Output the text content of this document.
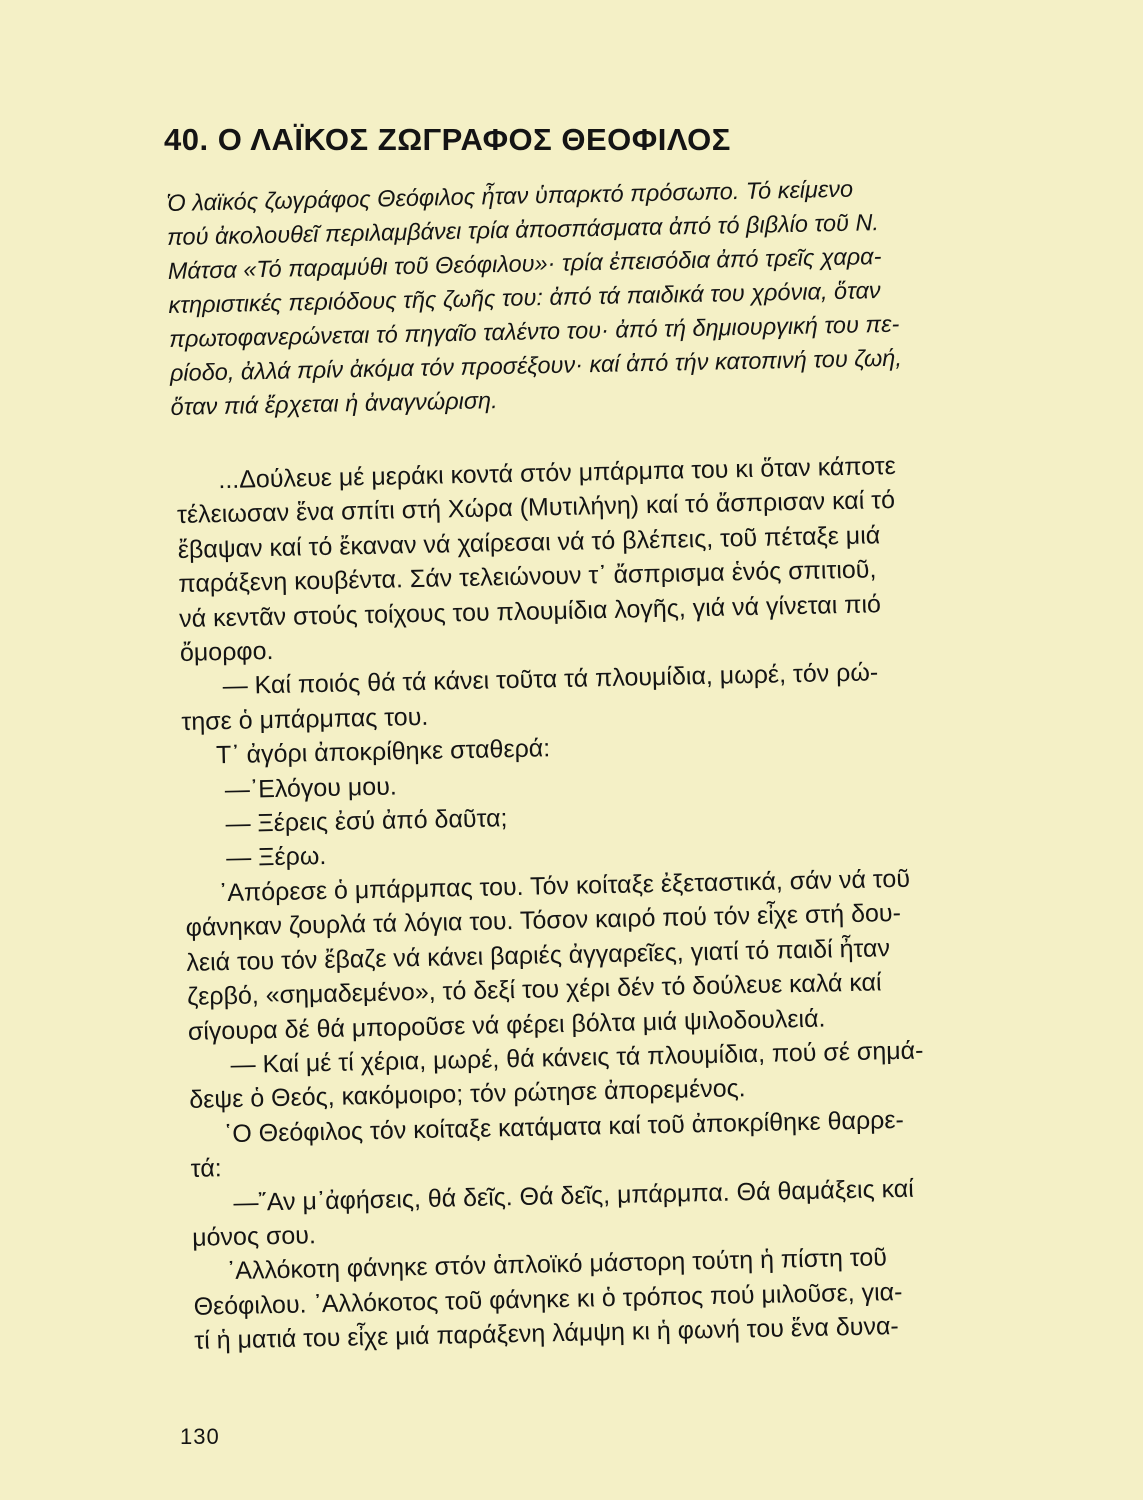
40. Ο ΛΑΪΚΟΣ ΖΩΓΡΑΦΟΣ ΘΕΟΦΙΛΟΣ
Ὁ λαϊκός ζωγράφος Θεόφιλος ἦταν ὑπαρκτό πρόσωπο. Τό κείμενο
πού ἀκολουθεῖ περιλαμβάνει τρία ἀποσπάσματα ἀπό τό βιβλίο τοῦ Ν.
Μάτσα «Τό παραμύθι τοῦ Θεόφιλου»· τρία ἐπεισόδια ἀπό τρεῖς χαρα-
κτηριστικές περιόδους τῆς ζωῆς του: ἀπό τά παιδικά του χρόνια, ὅταν
πρωτοφανερώνεται τό πηγαῖο ταλέντο του· ἀπό τή δημιουργική του πε-
ρίοδο, ἀλλά πρίν ἀκόμα τόν προσέξουν· καί ἀπό τήν κατοπινή του ζωή,
ὅταν πιά ἔρχεται ἡ ἀναγνώριση.
...Δούλευε μέ μεράκι κοντά στόν μπάρμπα του κι ὅταν κάποτε
τέλειωσαν ἕνα σπίτι στή Χώρα (Μυτιλήνη) καί τό ἄσπρισαν καί τό
ἔβαψαν καί τό ἔκαναν νά χαίρεσαι νά τό βλέπεις, τοῦ πέταξε μιά
παράξενη κουβέντα. Σάν τελειώνουν τ᾽ ἄσπρισμα ἑνός σπιτιοῦ,
νά κεντᾶν στούς τοίχους του πλουμίδια λογῆς, γιά νά γίνεται πιό
ὄμορφο.
— Καί ποιός θά τά κάνει τοῦτα τά πλουμίδια, μωρέ, τόν ρώ-
τησε ὁ μπάρμπας του.
Τ᾽ ἀγόρι ἀποκρίθηκε σταθερά:
—᾽Ελόγου μου.
— Ξέρεις ἐσύ ἀπό δαῦτα;
— Ξέρω.
᾽Απόρεσε ὁ μπάρμπας του. Τόν κοίταξε ἐξεταστικά, σάν νά τοῦ
φάνηκαν ζουρλά τά λόγια του. Τόσον καιρό πού τόν εἶχε στή δου-
λειά του τόν ἔβαζε νά κάνει βαριές ἀγγαρεῖες, γιατί τό παιδί ἦταν
ζερβό, «σημαδεμένο», τό δεξί του χέρι δέν τό δούλευε καλά καί
σίγουρα δέ θά μποροῦσε νά φέρει βόλτα μιά ψιλοδουλειά.
— Καί μέ τί χέρια, μωρέ, θά κάνεις τά πλουμίδια, πού σέ σημά-
δεψε ὁ Θεός, κακόμοιρο; τόν ρώτησε ἀπορεμένος.
῾Ο Θεόφιλος τόν κοίταξε κατάματα καί τοῦ ἀποκρίθηκε θαρρε-
τά:
—῎Αν μ᾽ἀφήσεις, θά δεῖς. Θά δεῖς, μπάρμπα. Θά θαμάξεις καί
μόνος σου.
᾽Αλλόκοτη φάνηκε στόν ἁπλοϊκό μάστορη τούτη ἡ πίστη τοῦ
Θεόφιλου. ᾽Αλλόκοτος τοῦ φάνηκε κι ὁ τρόπος πού μιλοῦσε, για-
τί ἡ ματιά του εἶχε μιά παράξενη λάμψη κι ἡ φωνή του ἕνα δυνα-
130
